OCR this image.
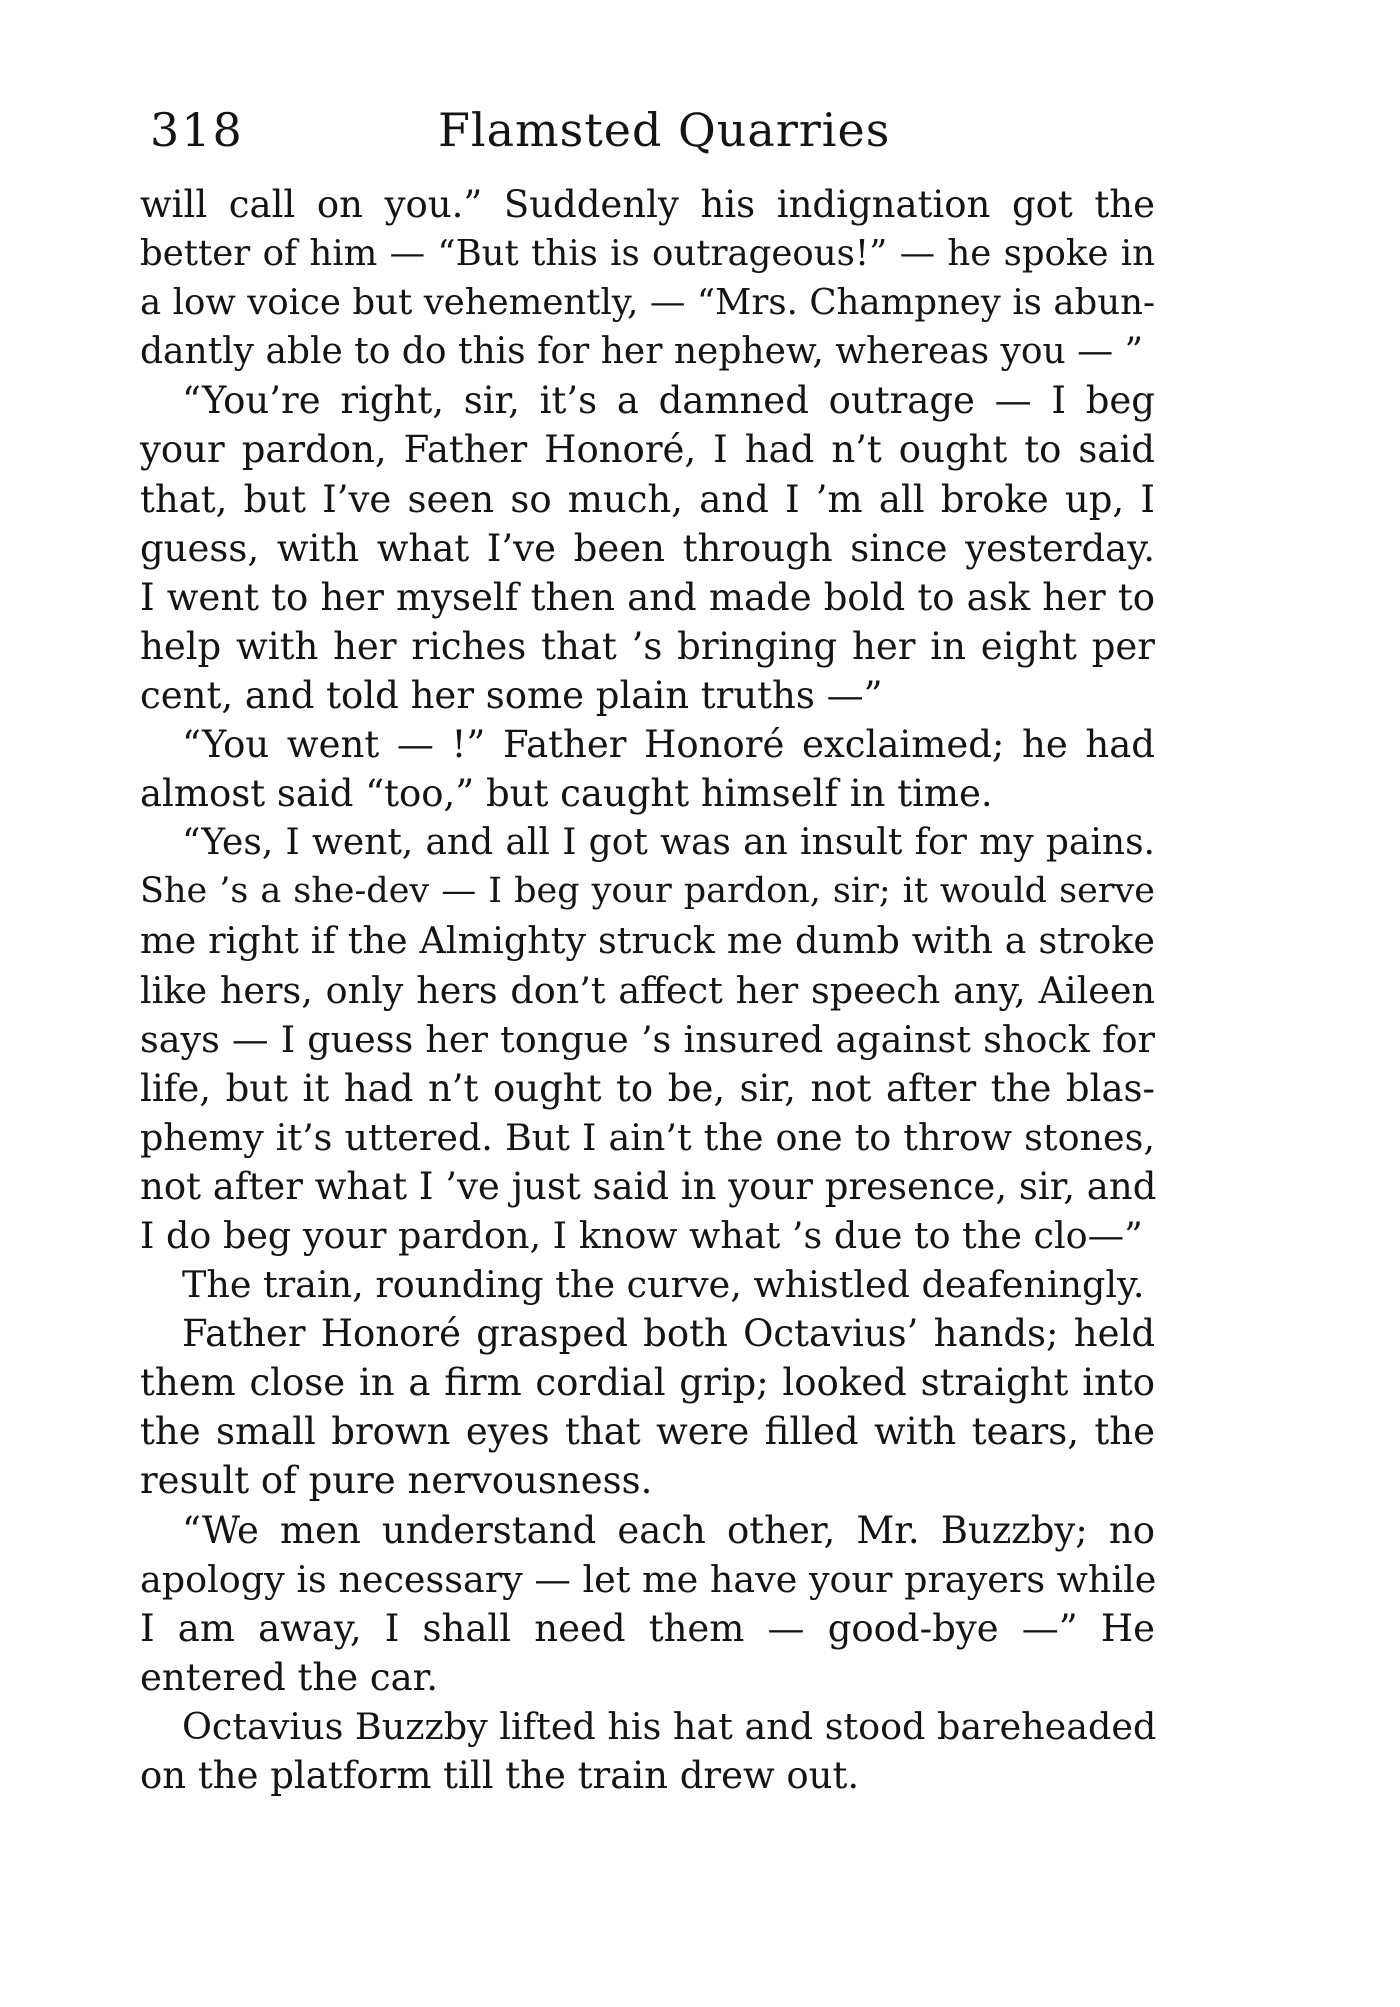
318	Flamsted Quarries
will call on you.” Suddenly his indignation got the
better of him — “But this is outrageous!” — he spoke in
a low voice but vehemently, — “Mrs. Champney is abun-
dantly able to do this for her nephew, whereas you — ”
“You’re right, sir, it’s a damned outrage — I beg
your pardon, Father Honoré, I had n’t ought to said
that, but I’ve seen so much, and I ’m all broke up, I
guess, with what I’ve been through since yesterday.
I went to her myself then and made bold to ask her to
help with her riches that ’s bringing her in eight per
cent, and told her some plain truths —”
“You went — !” Father Honoré exclaimed; he had
almost said “too,” but caught himself in time.
“Yes, I went, and all I got was an insult for my pains.
She ’s a she-dev — I beg your pardon, sir; it would serve
me right if the Almighty struck me dumb with a stroke
like hers, only hers don’t affect her speech any, Aileen
says — I guess her tongue ’s insured against shock for
life, but it had n’t ought to be, sir, not after the blas-
phemy it’s uttered. But I ain’t the one to throw stones,
not after what I ’ve just said in your presence, sir, and
I do beg your pardon, I know what ’s due to the clo—”
The train, rounding the curve, whistled deafeningly.
Father Honoré grasped both Octavius’ hands; held
them close in a firm cordial grip; looked straight into
the small brown eyes that were filled with tears, the
result of pure nervousness.
“We men understand each other, Mr. Buzzby; no
apology is necessary — let me have your prayers while
I am away, I shall need them — good-bye —” He
entered the car.
Octavius Buzzby lifted his hat and stood bareheaded
on the platform till the train drew out.
